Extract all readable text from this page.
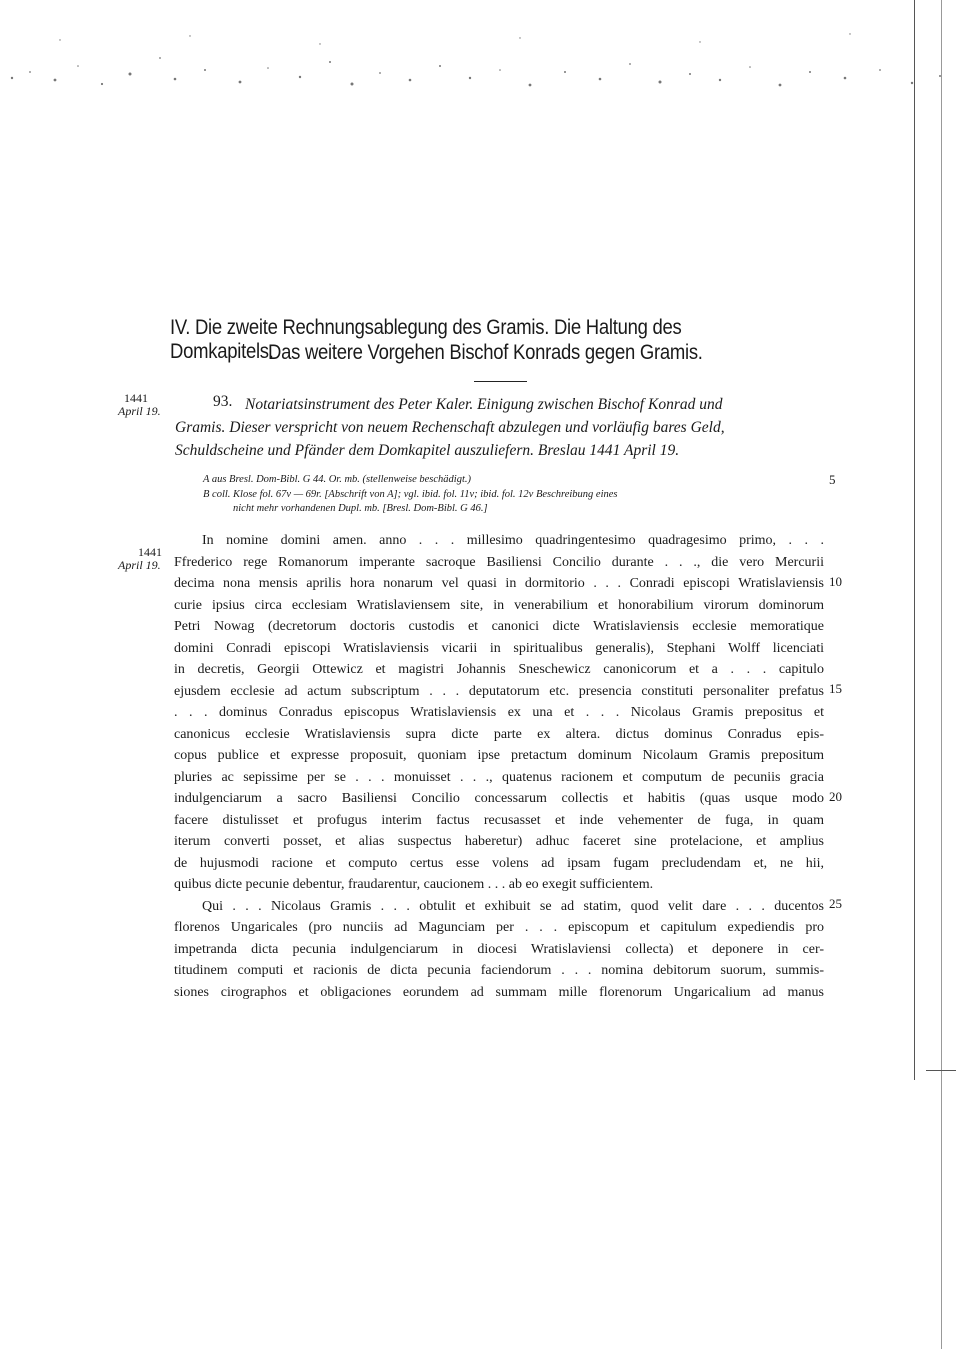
IV. Die zweite Rechnungsablegung des Gramis. Die Haltung des Domkapitels.
Das weitere Vorgehen Bischof Konrads gegen Gramis.
1441
April 19.
1441
April 19.
Notariatsinstrument des Peter Kaler. Einigung zwischen Bischof Konrad und
Gramis. Dieser verspricht von neuem Rechenschaft abzulegen und vorläufig bares Geld,
Schuldscheine und Pfänder dem Domkapitel auszuliefern. Breslau 1441 April 19.
93.
A aus Bresl. Dom-Bibl. G 44. Or. mb. (stellenweise beschädigt.)
B coll. Klose fol. 67v — 69r. [Abschrift von A]; vgl. ibid. fol. 11v; ibid. fol. 12v Beschreibung eines
nicht mehr vorhandenen Dupl. mb. [Bresl. Dom-Bibl. G 46.]

In nomine domini amen. anno . . . millesimo quadringentesimo quadragesimo primo, . . .

Ffrederico rege Romanorum imperante sacroque Basiliensi Concilio durante . . ., die vero Mercurii

decima nona mensis aprilis hora nonarum vel quasi in dormitorio . . . Conradi episcopi Wratislaviensis

curie ipsius circa ecclesiam Wratislaviensem site, in venerabilium et honorabilium virorum dominorum

Petri Nowag (decretorum doctoris custodis et canonici dicte Wratislaviensis ecclesie memoratique

domini Conradi episcopi Wratislaviensis vicarii in spiritualibus generalis), Stephani Wolff licenciati

in decretis, Georgii Ottewicz et magistri Johannis Sneschewicz canonicorum et a . . . capitulo

ejusdem ecclesie ad actum subscriptum . . . deputatorum etc. presencia constituti personaliter prefatus

. . . dominus Conradus episcopus Wratislaviensis ex una et . . . Nicolaus Gramis prepositus et

canonicus ecclesie Wratislaviensis supra dicte parte ex altera. dictus dominus Conradus epis-

copus publice et expresse proposuit, quoniam ipse pretactum dominum Nicolaum Gramis prepositum

pluries ac sepissime per se . . . monuisset . . ., quatenus racionem et computum de pecuniis gracia

indulgenciarum a sacro Basiliensi Concilio concessarum collectis et habitis (quas usque modo

facere distulisset et profugus interim factus recusasset et inde vehementer de fuga, in quam

iterum converti posset, et alias suspectus haberetur) adhuc faceret sine protelacione, et amplius

de hujusmodi racione et computo certus esse volens ad ipsam fugam precludendam et, ne hii,

quibus dicte pecunie debentur, fraudarentur, caucionem . . . ab eo exegit sufficientem.

Qui . . . Nicolaus Gramis . . . obtulit et exhibuit se ad statim, quod velit dare . . . ducentos

florenos Ungaricales (pro nunciis ad Magunciam per . . . episcopum et capitulum expediendis pro

impetranda dicta pecunia indulgenciarum in diocesi Wratislaviensi collecta) et deponere in cer-

titudinem computi et racionis de dicta pecunia faciendorum . . . nomina debitorum suorum, summis-

siones cirographos et obligaciones eorundem ad summam mille florenorum Ungaricalium ad manus

5
10
15
20
25
